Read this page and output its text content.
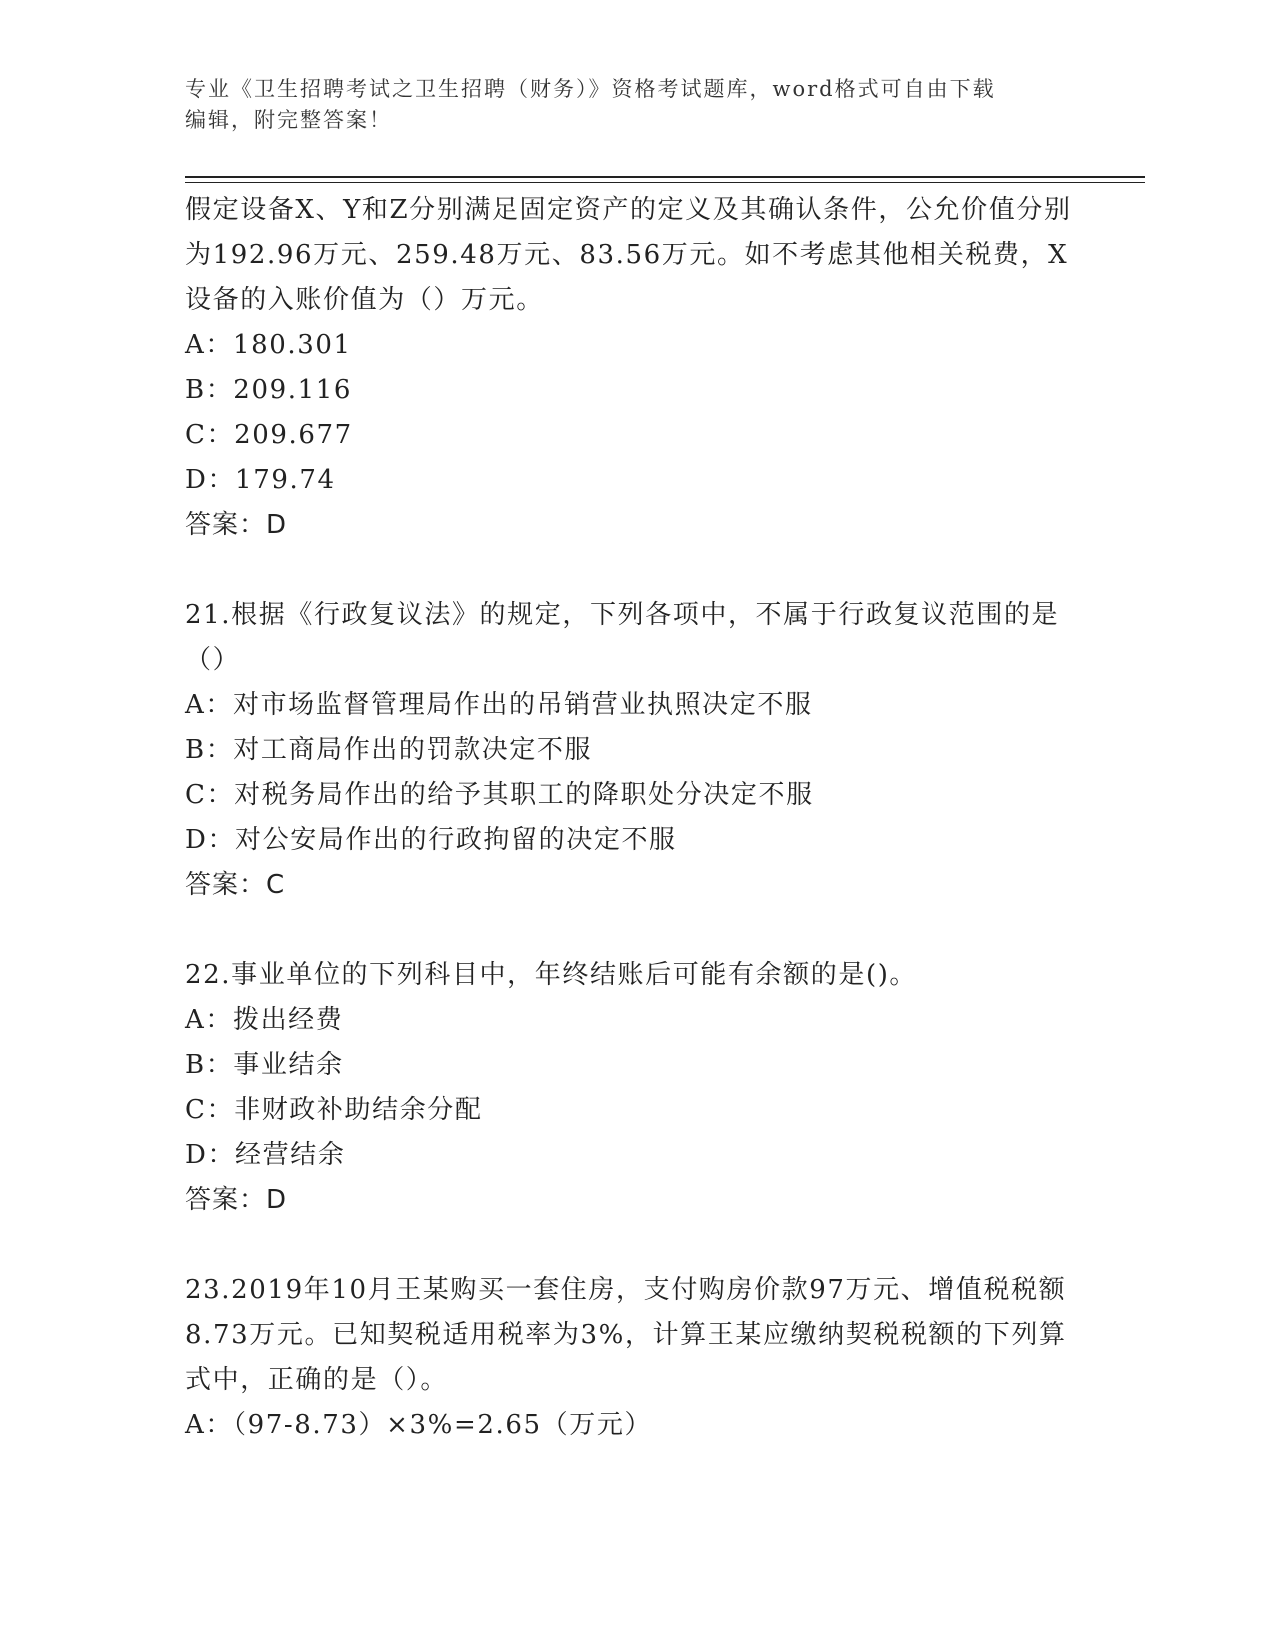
专业《卫生招聘考试之卫生招聘（财务）》资格考试题库，word格式可自由下载
编辑，附完整答案！

假定设备X、Y和Z分别满足固定资产的定义及其确认条件，公允价值分别为192.96万元、259.48万元、83.56万元。如不考虑其他相关税费，X设备的入账价值为（）万元。

A：180.301

B：209.116

C：209.677

D：179.74

答案：D

21.根据《行政复议法》的规定，下列各项中，不属于行政复议范围的是（）

A：对市场监督管理局作出的吊销营业执照决定不服

B：对工商局作出的罚款决定不服

C：对税务局作出的给予其职工的降职处分决定不服

D：对公安局作出的行政拘留的决定不服

答案：C

22.事业单位的下列科目中，年终结账后可能有余额的是()。

A：拨出经费

B：事业结余

C：非财政补助结余分配

D：经营结余

答案：D

23.2019年10月王某购买一套住房，支付购房价款97万元、增值税税额8.73万元。已知契税适用税率为3%，计算王某应缴纳契税税额的下列算式中，正确的是（）。

A：（97-8.73）×3%=2.65（万元）
